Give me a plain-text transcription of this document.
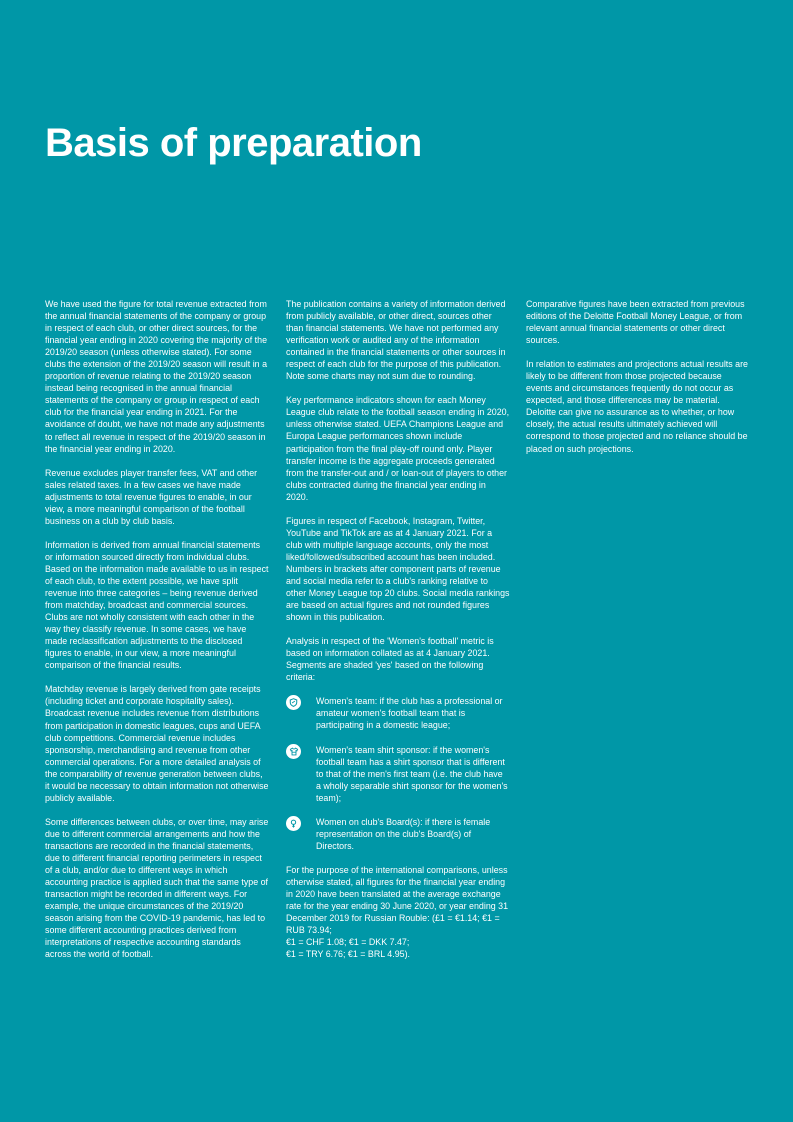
Basis of preparation

We have used the figure for total revenue extracted from the annual financial statements of the company or group in respect of each club, or other direct sources, for the financial year ending in 2020 covering the majority of the 2019/20 season (unless otherwise stated). For some clubs the extension of the 2019/20 season will result in a proportion of revenue relating to the 2019/20 season instead being recognised in the annual financial statements of the company or group in respect of each club for the financial year ending in 2021. For the avoidance of doubt, we have not made any adjustments to reflect all revenue in respect of the 2019/20 season in the financial year ending in 2020.

Revenue excludes player transfer fees, VAT and other sales related taxes. In a few cases we have made adjustments to total revenue figures to enable, in our view, a more meaningful comparison of the football business on a club by club basis.

Information is derived from annual financial statements or information sourced directly from individual clubs. Based on the information made available to us in respect of each club, to the extent possible, we have split revenue into three categories – being revenue derived from matchday, broadcast and commercial sources. Clubs are not wholly consistent with each other in the way they classify revenue. In some cases, we have made reclassification adjustments to the disclosed figures to enable, in our view, a more meaningful comparison of the financial results.

Matchday revenue is largely derived from gate receipts (including ticket and corporate hospitality sales). Broadcast revenue includes revenue from distributions from participation in domestic leagues, cups and UEFA club competitions. Commercial revenue includes sponsorship, merchandising and revenue from other commercial operations. For a more detailed analysis of the comparability of revenue generation between clubs, it would be necessary to obtain information not otherwise publicly available.

Some differences between clubs, or over time, may arise due to different commercial arrangements and how the transactions are recorded in the financial statements, due to different financial reporting perimeters in respect of a club, and/or due to different ways in which accounting practice is applied such that the same type of transaction might be recorded in different ways. For example, the unique circumstances of the 2019/20 season arising from the COVID-19 pandemic, has led to some different accounting practices derived from interpretations of respective accounting standards across the world of football.

The publication contains a variety of information derived from publicly available, or other direct, sources other than financial statements. We have not performed any verification work or audited any of the information contained in the financial statements or other sources in respect of each club for the purpose of this publication. Note some charts may not sum due to rounding.

Key performance indicators shown for each Money League club relate to the football season ending in 2020, unless otherwise stated. UEFA Champions League and Europa League performances shown include participation from the final play-off round only. Player transfer income is the aggregate proceeds generated from the transfer-out and / or loan-out of players to other clubs contracted during the financial year ending in 2020.

Figures in respect of Facebook, Instagram, Twitter, YouTube and TikTok are as at 4 January 2021. For a club with multiple language accounts, only the most liked/followed/subscribed account has been included. Numbers in brackets after component parts of revenue and social media refer to a club's ranking relative to other Money League top 20 clubs. Social media rankings are based on actual figures and not rounded figures shown in this publication.

Analysis in respect of the 'Women's football' metric is based on information collated as at 4 January 2021. Segments are shaded 'yes' based on the following criteria:

Women's team: if the club has a professional or amateur women's football team that is participating in a domestic league;
Women's team shirt sponsor: if the women's football team has a shirt sponsor that is different to that of the men's first team (i.e. the club have a wholly separable shirt sponsor for the women's team);
Women on club's Board(s): if there is female representation on the club's Board(s) of Directors.

For the purpose of the international comparisons, unless otherwise stated, all figures for the financial year ending in 2020 have been translated at the average exchange rate for the year ending 30 June 2020, or year ending 31 December 2019 for Russian Rouble: (£1 = €1.14; €1 = RUB 73.94;
€1 = CHF 1.08; €1 = DKK 7.47;
€1 = TRY 6.76; €1 = BRL 4.95).

Comparative figures have been extracted from previous editions of the Deloitte Football Money League, or from relevant annual financial statements or other direct sources.

In relation to estimates and projections actual results are likely to be different from those projected because events and circumstances frequently do not occur as expected, and those differences may be material. Deloitte can give no assurance as to whether, or how closely, the actual results ultimately achieved will correspond to those projected and no reliance should be placed on such projections.
